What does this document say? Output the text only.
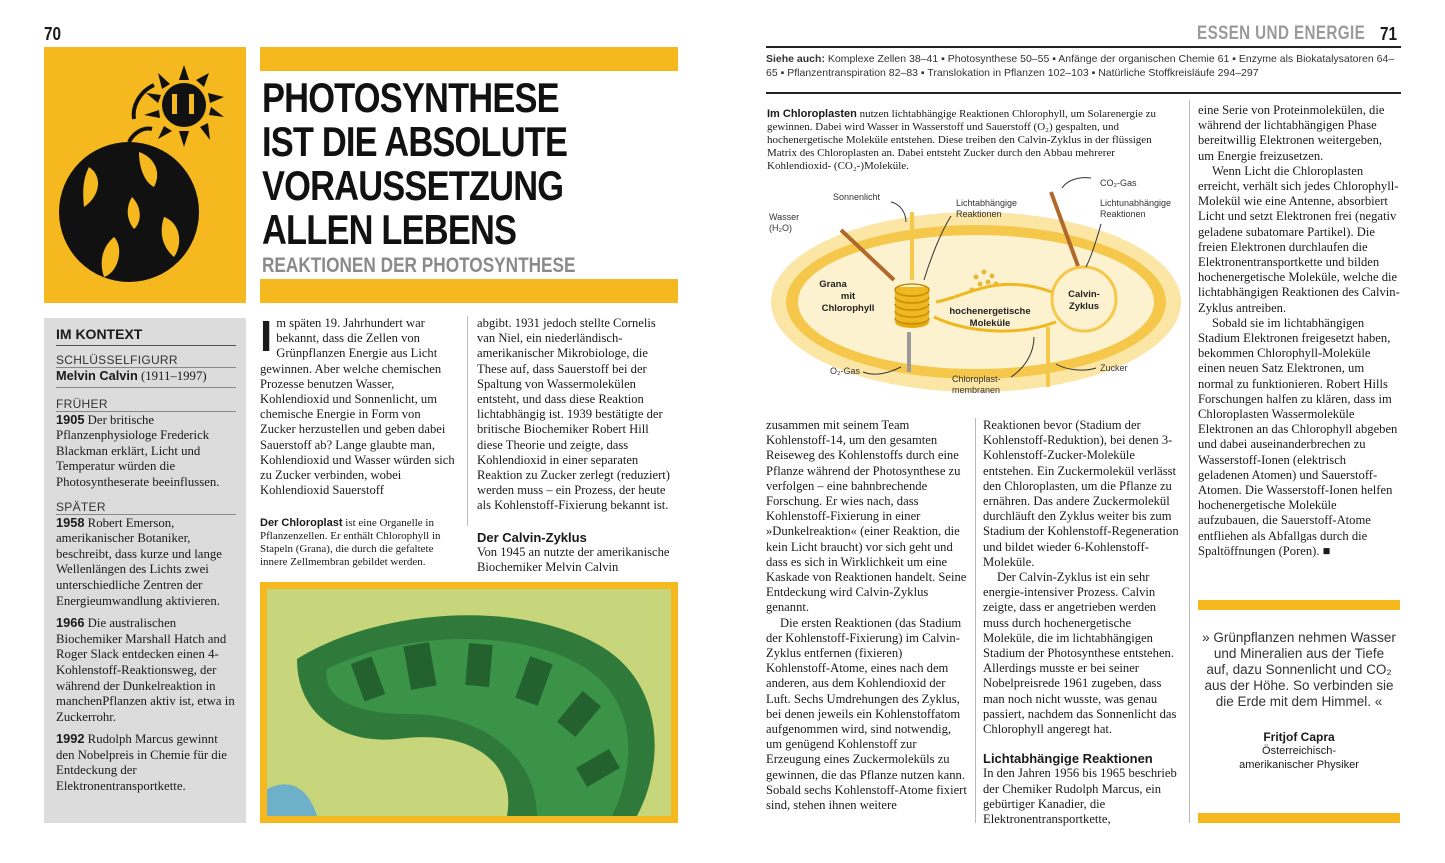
70
PHOTOSYNTHESE
IST DIE ABSOLUTE
VORAUSSETZUNG
ALLEN LEBENS
REAKTIONEN DER PHOTOSYNTHESE
IM KONTEXT
SCHLÜSSELFIGURR
Melvin Calvin (1911–1997)
FRÜHER
1905 Der britische Pflanzenphysiologe Frederick Blackman erklärt, Licht und Temperatur würden die Photosyntheserate beeinflussen.
SPÄTER
1958 Robert Emerson, amerikanischer Botaniker, beschreibt, dass kurze und lange Wellenlängen des Lichts zwei unterschiedliche Zentren der Energieumwandlung aktivieren.
1966 Die australischen Biochemiker Marshall Hatch and Roger Slack entdecken einen 4-Kohlenstoff-Reaktionsweg, der während der Dunkelreaktion in manchenPflanzen aktiv ist, etwa in Zuckerrohr.
1992 Rudolph Marcus gewinnt den Nobelpreis in Chemie für die Entdeckung der Elektronentransportkette.

Im späten 19. Jahrhundert war bekannt, dass die Zellen von Grünpflanzen Energie aus Licht gewinnen. Aber welche chemischen Prozesse benutzen Wasser, Kohlendioxid und Sonnenlicht, um chemische Energie in Form von Zucker herzustellen und geben dabei Sauerstoff ab? Lange glaubte man, Kohlendioxid und Wasser würden sich zu Zucker verbinden, wobei Kohlendioxid Sauerstoff

Der Chloroplast ist eine Organelle in Pflanzenzellen. Er enthält Chlorophyll in Stapeln (Grana), die durch die gefaltete innere Zellmembran gebildet werden.

abgibt. 1931 jedoch stellte Cornelis van Niel, ein niederländisch-amerikanischer Mikrobiologe, die These auf, dass Sauerstoff bei der Spaltung von Wassermolekülen entsteht, und dass diese Reaktion lichtabhängig ist. 1939 bestätigte der britische Biochemiker Robert Hill diese Theorie und zeigte, dass Kohlendioxid in einer separaten Reaktion zu Zucker zerlegt (reduziert) werden muss – ein Prozess, der heute als Kohlenstoff-Fixierung bekannt ist.

Der Calvin-Zyklus

Von 1945 an nutzte der amerikanische Biochemiker Melvin Calvin

ESSEN UND ENERGIE 71
Siehe auch: Komplexe Zellen 38–41 ▪ Photosynthese 50–55 ▪ Anfänge der organischen Chemie 61 ▪ Enzyme als Biokatalysatoren 64–65 ▪ Pflanzentranspiration 82–83 ▪ Translokation in Pflanzen 102–103 ▪ Natürliche Stoffkreisläufe 294–297
Im Chloroplasten nutzen lichtabhängige Reaktionen Chlorophyll, um Solarenergie zu gewinnen. Dabei wird Wasser in Wasserstoff und Sauerstoff (O₂) gespalten, und hochenergetische Moleküle entstehen. Diese treiben den Calvin-Zyklus in der flüssigen Matrix des Chloroplasten an. Dabei entsteht Zucker durch den Abbau mehrerer Kohlendioxid- (CO₂-)Moleküle.
Sonnenlicht
Lichtabhängige
Reaktionen
CO₂-Gas
Lichtunabhängige
Reaktionen
Wasser
(H₂O)
Grana
mit
Chlorophyll	hochenergetische
Moleküle
Calvin-
Zyklus
O₂-Gas
Chloroplast-
membranen
Zucker

zusammen mit seinem Team Kohlenstoff-14, um den gesamten Reiseweg des Kohlenstoffs durch eine Pflanze während der Photosynthese zu verfolgen – eine bahnbrechende Forschung. Er wies nach, dass Kohlenstoff-Fixierung in einer »Dunkelreaktion« (einer Reaktion, die kein Licht braucht) vor sich geht und dass es sich in Wirklichkeit um eine Kaskade von Reaktionen handelt. Seine Entdeckung wird Calvin-Zyklus genannt.

Die ersten Reaktionen (das Stadium der Kohlenstoff-Fixierung) im Calvin-Zyklus entfernen (fixieren) Kohlenstoff-Atome, eines nach dem anderen, aus dem Kohlendioxid der Luft. Sechs Umdrehungen des Zyklus, bei denen jeweils ein Kohlenstoffatom aufgenommen wird, sind notwendig, um genügend Kohlenstoff zur Erzeugung eines Zuckermoleküls zu gewinnen, die das Pflanze nutzen kann. Sobald sechs Kohlenstoff-Atome fixiert sind, stehen ihnen weitere

Reaktionen bevor (Stadium der Kohlenstoff-Reduktion), bei denen 3-Kohlenstoff-Zucker-Moleküle entstehen. Ein Zuckermolekül verlässt den Chloroplasten, um die Pflanze zu ernähren. Das andere Zuckermolekül durchläuft den Zyklus weiter bis zum Stadium der Kohlenstoff-Regeneration und bildet wieder 6-Kohlenstoff-Moleküle.

Der Calvin-Zyklus ist ein sehr energie-intensiver Prozess. Calvin zeigte, dass er angetrieben werden muss durch hochenergetische Moleküle, die im lichtabhängigen Stadium der Photosynthese entstehen. Allerdings musste er bei seiner Nobelpreisrede 1961 zugeben, dass man noch nicht wusste, was genau passiert, nachdem das Sonnenlicht das Chlorophyll angeregt hat.

Lichtabhängige Reaktionen

In den Jahren 1956 bis 1965 beschrieb der Chemiker Rudolph Marcus, ein gebürtiger Kanadier, die Elektronentransportkette,

eine Serie von Proteinmolekülen, die während der lichtabhängigen Phase bereitwillig Elektronen weitergeben, um Energie freizusetzen.

Wenn Licht die Chloroplasten erreicht, verhält sich jedes Chlorophyll-Molekül wie eine Antenne, absorbiert Licht und setzt Elektronen frei (negativ geladene subatomare Partikel). Die freien Elektronen durchlaufen die Elektronentransportkette und bilden hochenergetische Moleküle, welche die lichtabhängigen Reaktionen des Calvin-Zyklus antreiben.

Sobald sie im lichtabhängigen Stadium Elektronen freigesetzt haben, bekommen Chlorophyll-Moleküle einen neuen Satz Elektronen, um normal zu funktionieren. Robert Hills Forschungen halfen zu klären, dass im Chloroplasten Wassermoleküle Elektronen an das Chlorophyll abgeben und dabei auseinanderbrechen zu Wasserstoff-Ionen (elektrisch geladenen Atomen) und Sauerstoff-Atomen. Die Wasserstoff-Ionen helfen hochenergetische Moleküle aufzubauen, die Sauerstoff-Atome entfliehen als Abfallgas durch die Spaltöffnungen (Poren). ■

» Grünpflanzen nehmen Wasser und Mineralien aus der Tiefe auf, dazu Sonnenlicht und CO₂ aus der Höhe. So verbinden sie die Erde mit dem Himmel. «
Fritjof Capra
Österreichisch-amerikanischer Physiker
